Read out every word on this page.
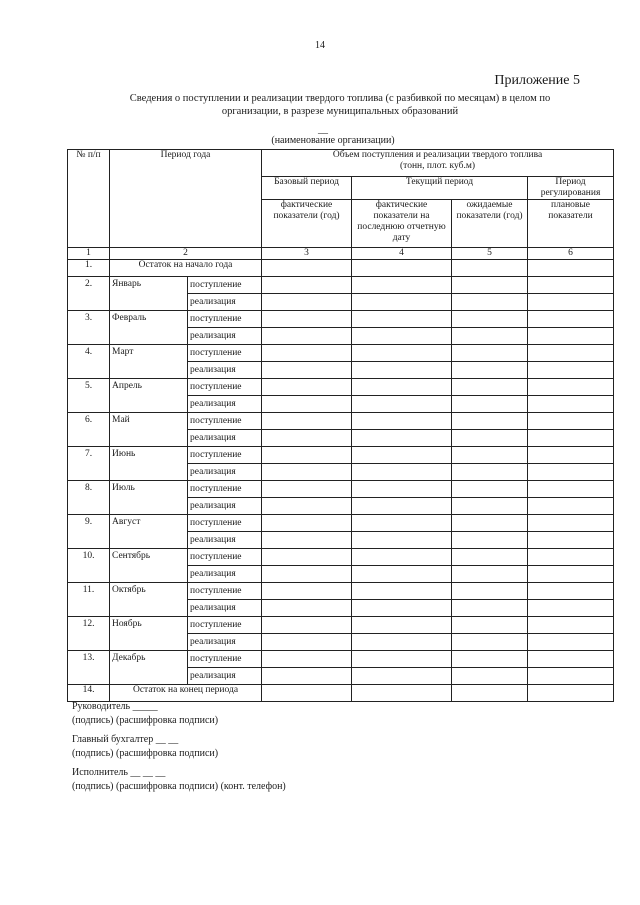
14
Приложение 5
Сведения о поступлении и реализации твердого топлива (с разбивкой по месяцам) в целом по
организации, в разрезе муниципальных образований
__
(наименование организации)
№ п/п	Период года		Объем поступления и реализации твердого топлива
(тонн, плот. куб.м)			

			Базовый период	Текущий период		Период регулирования
			фактические показатели (год)	фактические показатели на последнюю отчетную дату	ожидаемые показатели (год)	плановые показатели
1	2		3	4	5	6
1.	Остаток на начало года					
2.	Январь	поступление				
		реализация				
3.	Февраль	поступление				
		реализация				
4.	Март	поступление				
		реализация				
5.	Апрель	поступление				
		реализация				
6.	Май	поступление				
		реализация				
7.	Июнь	поступление				
		реализация				
8.	Июль	поступление				
		реализация				
9.	Август	поступление				
		реализация				
10.	Сентябрь	поступление				
		реализация				
11.	Октябрь	поступление				
		реализация				
12.	Ноябрь	поступление				
		реализация				
13.	Декабрь	поступление				
		реализация				
14.	Остаток на конец периода					
Руководитель _____
(подпись) (расшифровка подписи)
Главный бухгалтер __ __
(подпись) (расшифровка подписи)
Исполнитель __ __ __
(подпись) (расшифровка подписи) (конт. телефон)
